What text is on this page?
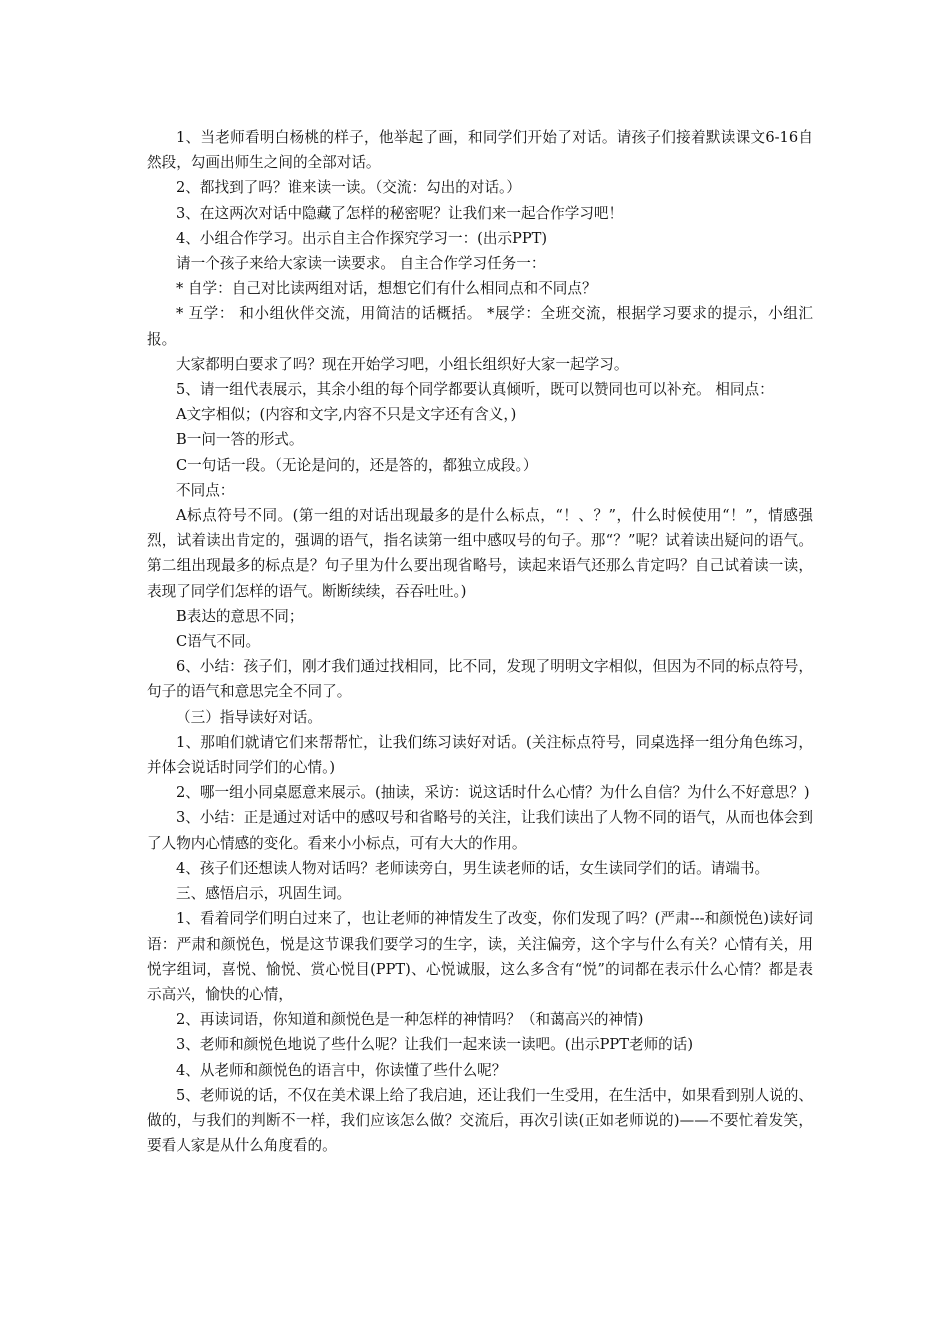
1、当老师看明白杨桃的样子，他举起了画，和同学们开始了对话。请孩子们接着默读课文6-16自然段，勾画出师生之间的全部对话。

2、都找到了吗？谁来读一读。（交流：勾出的对话。）

3、在这两次对话中隐藏了怎样的秘密呢？让我们来一起合作学习吧！

4、小组合作学习。出示自主合作探究学习一：(出示PPT)

请一个孩子来给大家读一读要求。 自主合作学习任务一：

* 自学：自己对比读两组对话，想想它们有什么相同点和不同点？

* 互学： 和小组伙伴交流，用简洁的话概括。 *展学：全班交流，根据学习要求的提示，小组汇报。

大家都明白要求了吗？现在开始学习吧，小组长组织好大家一起学习。

5、请一组代表展示，其余小组的每个同学都要认真倾听，既可以赞同也可以补充。 相同点：

A文字相似；(内容和文字,内容不只是文字还有含义，)

B一问一答的形式。

C一句话一段。（无论是问的，还是答的，都独立成段。）

不同点：

A标点符号不同。(第一组的对话出现最多的是什么标点，“！、？”，什么时候使用“！”，情感强烈，试着读出肯定的，强调的语气，指名读第一组中感叹号的句子。那“？”呢？试着读出疑问的语气。第二组出现最多的标点是？句子里为什么要出现省略号，读起来语气还那么肯定吗？自己试着读一读，表现了同学们怎样的语气。断断续续，吞吞吐吐。)

B表达的意思不同；

C语气不同。

6、小结：孩子们，刚才我们通过找相同，比不同，发现了明明文字相似，但因为不同的标点符号，句子的语气和意思完全不同了。

（三）指导读好对话。

1、那咱们就请它们来帮帮忙，让我们练习读好对话。(关注标点符号，同桌选择一组分角色练习，并体会说话时同学们的心情。)

2、哪一组小同桌愿意来展示。(抽读，采访：说这话时什么心情？为什么自信？为什么不好意思？)

3、小结：正是通过对话中的感叹号和省略号的关注，让我们读出了人物不同的语气，从而也体会到了人物内心情感的变化。看来小小标点，可有大大的作用。

4、孩子们还想读人物对话吗？老师读旁白，男生读老师的话，女生读同学们的话。请端书。

三、感悟启示，巩固生词。

1、看着同学们明白过来了，也让老师的神情发生了改变，你们发现了吗？(严肃---和颜悦色)读好词语：严肃和颜悦色，悦是这节课我们要学习的生字，读，关注偏旁，这个字与什么有关？心情有关，用悦字组词，喜悦、愉悦、赏心悦目(PPT)、心悦诚服，这么多含有“悦”的词都在表示什么心情？都是表示高兴，愉快的心情，

2、再读词语，你知道和颜悦色是一种怎样的神情吗？（和蔼高兴的神情)

3、老师和颜悦色地说了些什么呢？让我们一起来读一读吧。(出示PPT老师的话)

4、从老师和颜悦色的语言中，你读懂了些什么呢？

5、老师说的话，不仅在美术课上给了我启迪，还让我们一生受用，在生活中，如果看到别人说的、做的，与我们的判断不一样，我们应该怎么做？交流后，再次引读(正如老师说的)——不要忙着发笑，要看人家是从什么角度看的。
